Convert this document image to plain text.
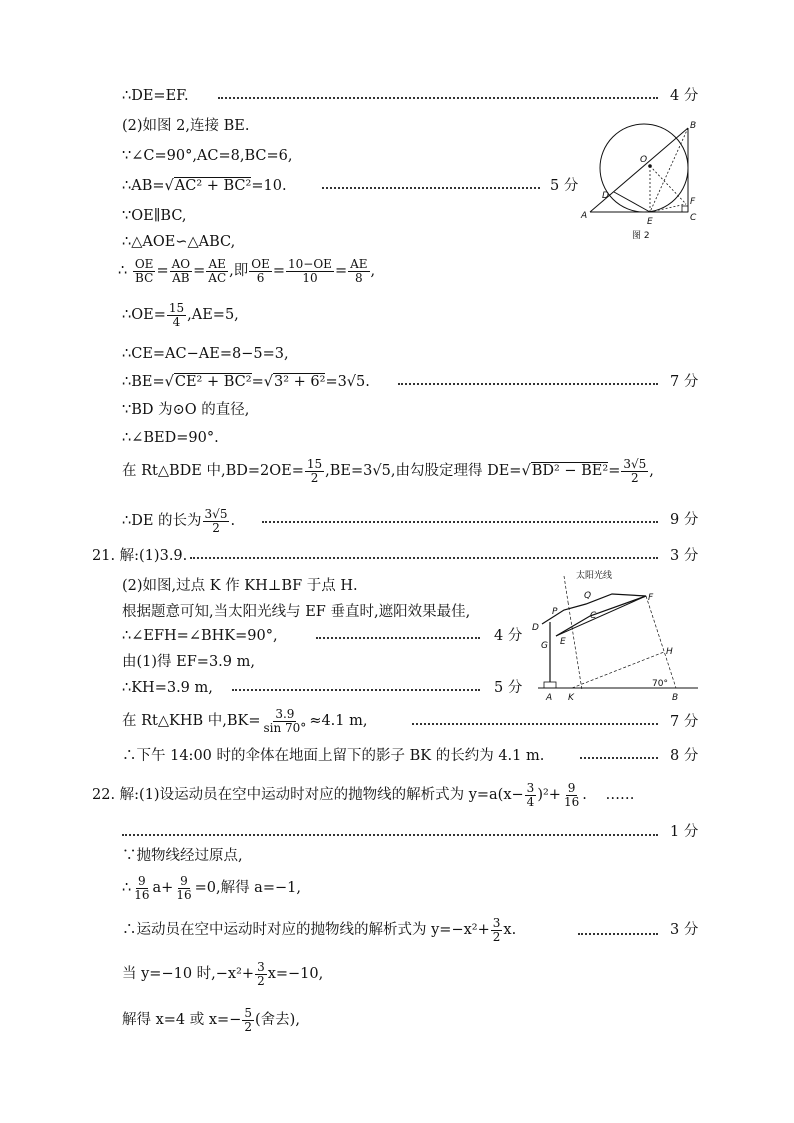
∴DE=EF.	4 分
(2)如图 2,连接 BE.
∵∠C=90°,AC=8,BC=6,
∴AB=√AC² + BC²=10.	5 分
∵OE∥BC,
∴△AOE∽△ABC,
∴ $\frac{OE}{BC} = \frac{AO}{AB} = \frac{AE}{AC}$ ,即 $\frac{OE}{6} = \frac{10-OE}{10} = \frac{AE}{8}$ ,
∴OE= $\frac{15}{4} ,AE=5$,
∴CE=AC−AE=8−5=3,
∴BE=√CE² + BC²=√3² + 6²=3√5.	7 分
∵BD 为⊙O 的直径,
∴∠BED=90°.
在 Rt△BDE 中$,BD=2OE= \frac{15}{2} ,BE=3√5$,由勾股定理得 $DE=√BD^2 - BE^2= \frac{3√5}{2}$ ,
∴DE 的长为 $\frac{3√5}{2}$ .	9 分
21. 解:(1)3.9.	3 分
(2)如图,过点 K 作 KH⊥BF 于点 H.
根据题意可知,当太阳光线与 EF 垂直时,遮阳效果最佳,
∴∠EFH=∠BHK=90°,	4 分
由(1)得 EF=3.9 m,
∴KH=3.9 m,	5 分
在 Rt△KHB 中$,BK= \frac{3.9}{\sin 70^\circ} \approx 4.1$ m,	7 分
∴下午 14:00 时的伞体在地面上留下的影子 BK 的长约为 4.1 m.	8 分
22. 解:(1)设运动员在空中运动时对应的抛物线的解析式为 $y=a(x- \frac{3}{4} )^2+ \frac{9}{16}$ . ……
1 分
∵抛物线经过原点,
∴ $\frac{9}{16} a+ \frac{9}{16} =0$,解得 a=−1,
∴运动员在空中运动时对应的抛物线的解析式为 $y=-x^2+ \frac{3}{2} x$.	3 分
当 y=−10 时$,-x^2+ \frac{3}{2} x=-10$,
解得 x=4 或 $x=- \frac{5}{2}$ (舍去),
A
B
C
D
E
F
O
图 2
太阳光线
P
Q
C
D
E
F
G
H
A K	B
70°
